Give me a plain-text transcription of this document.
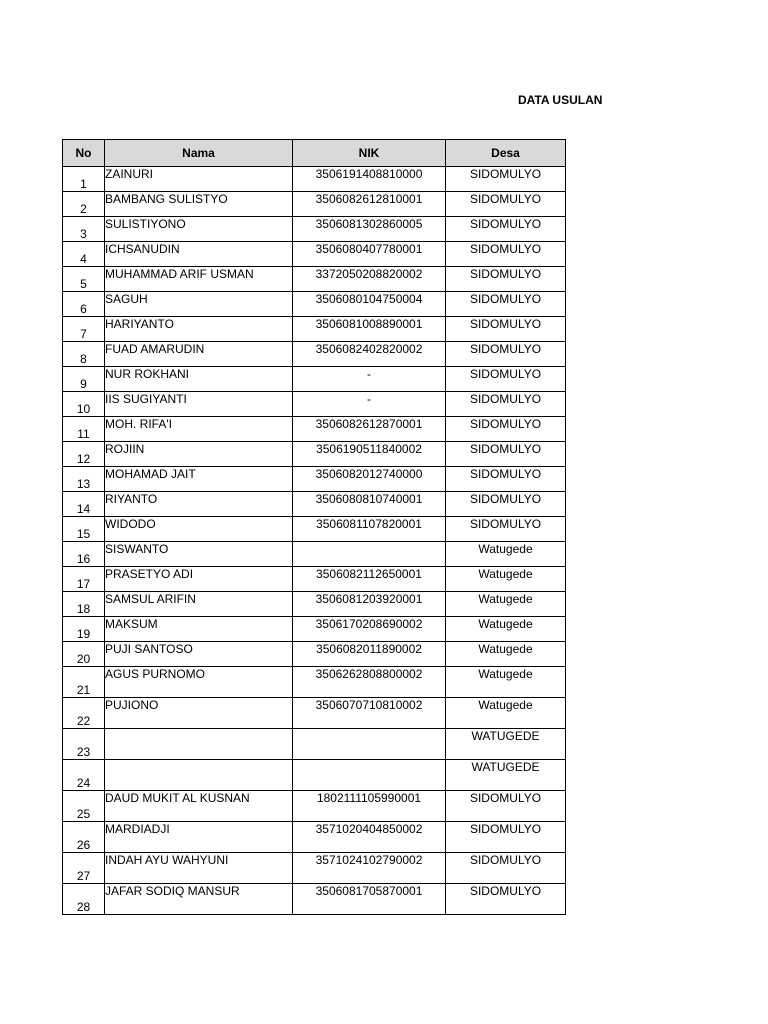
DATA USULAN
No	Nama	NIK	Desa
1	ZAINURI	3506191408810000	SIDOMULYO
2	BAMBANG SULISTYO	3506082612810001	SIDOMULYO
3	SULISTIYONO	3506081302860005	SIDOMULYO
4	ICHSANUDIN	3506080407780001	SIDOMULYO
5	MUHAMMAD ARIF USMAN	3372050208820002	SIDOMULYO
6	SAGUH	3506080104750004	SIDOMULYO
7	HARIYANTO	3506081008890001	SIDOMULYO
8	FUAD AMARUDIN	3506082402820002	SIDOMULYO
9	NUR ROKHANI	-	SIDOMULYO
10	IIS SUGIYANTI	-	SIDOMULYO
11	MOH. RIFA'I	3506082612870001	SIDOMULYO
12	ROJIIN	3506190511840002	SIDOMULYO
13	MOHAMAD JAIT	3506082012740000	SIDOMULYO
14	RIYANTO	3506080810740001	SIDOMULYO
15	WIDODO	3506081107820001	SIDOMULYO
16	SISWANTO		Watugede
17	PRASETYO ADI	3506082112650001	Watugede
18	SAMSUL ARIFIN	3506081203920001	Watugede
19	MAKSUM	3506170208690002	Watugede
20	PUJI SANTOSO	3506082011890002	Watugede
21	AGUS PURNOMO	3506262808800002	Watugede
22	PUJIONO	3506070710810002	Watugede
23			WATUGEDE
24			WATUGEDE
25	DAUD MUKIT AL KUSNAN	1802111105990001	SIDOMULYO
26	MARDIADJI	3571020404850002	SIDOMULYO
27	INDAH AYU WAHYUNI	3571024102790002	SIDOMULYO
28	JAFAR SODIQ MANSUR	3506081705870001	SIDOMULYO
